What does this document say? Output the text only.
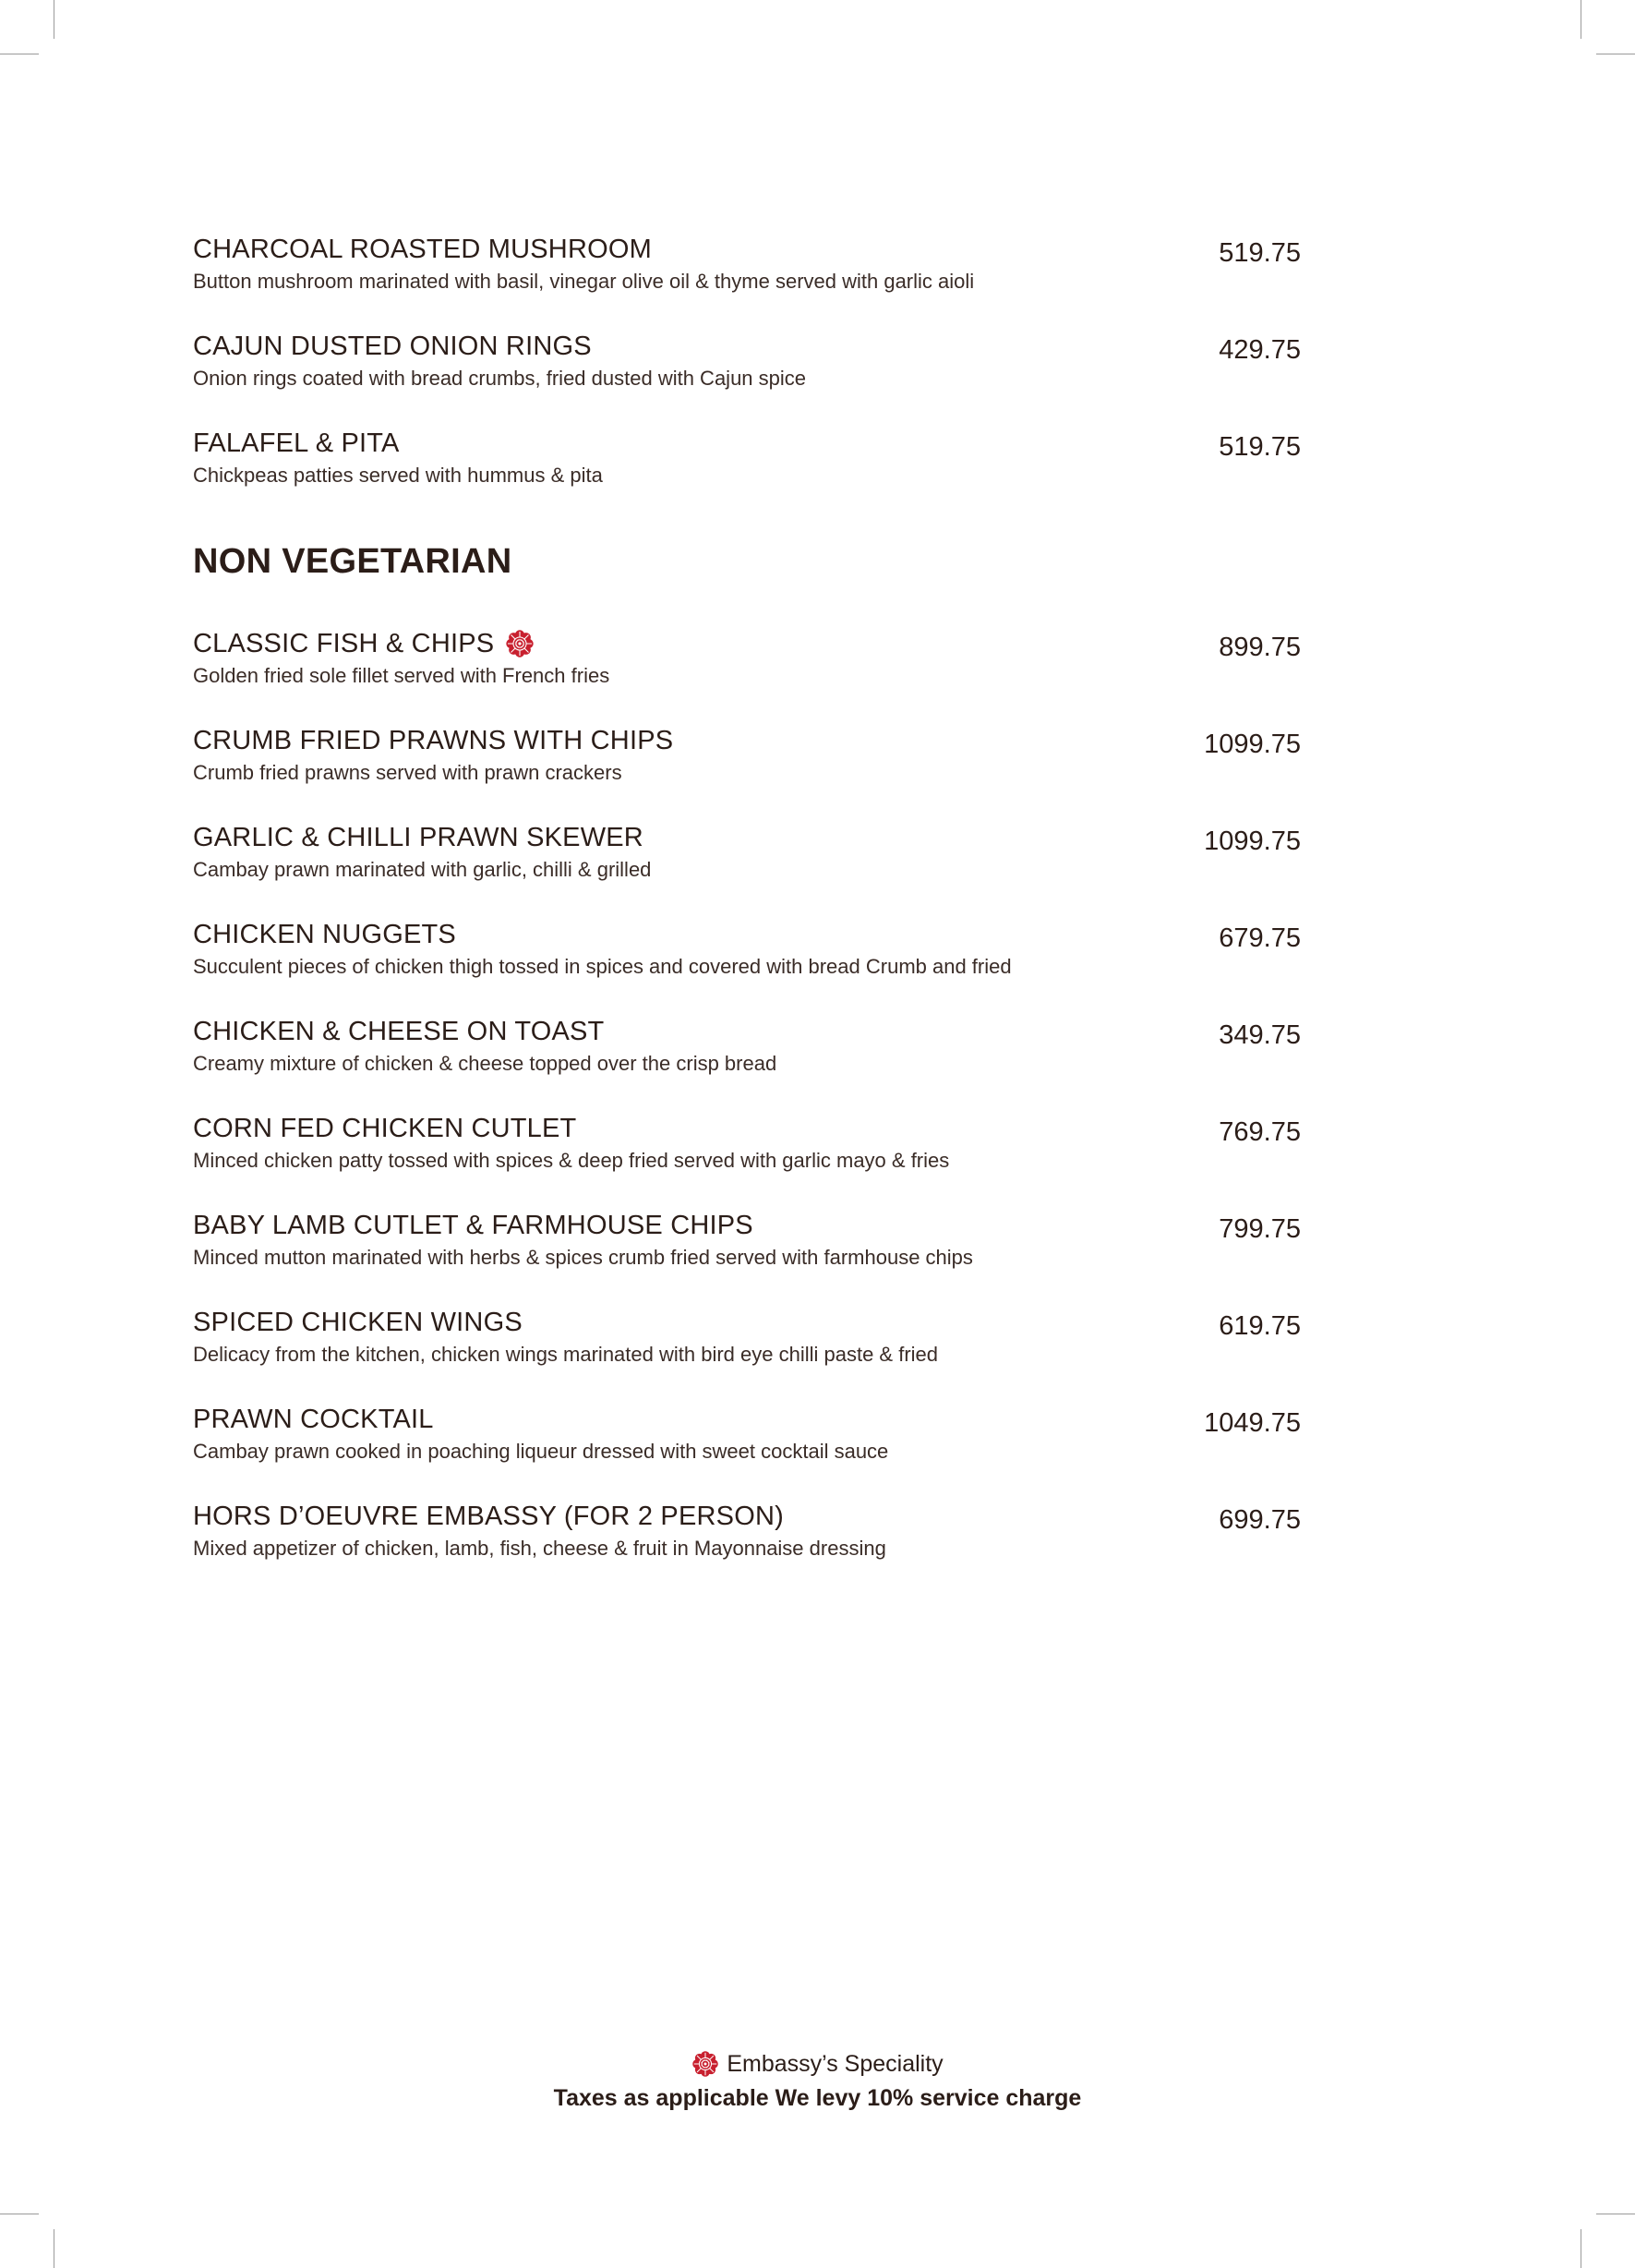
CHARCOAL ROASTED MUSHROOM
Button mushroom marinated with basil, vinegar olive oil & thyme served with garlic aioli
519.75
CAJUN DUSTED ONION RINGS
Onion rings coated with bread crumbs, fried dusted with Cajun spice
429.75
FALAFEL & PITA
Chickpeas patties served with hummus & pita
519.75
NON VEGETARIAN
CLASSIC FISH & CHIPS
Golden fried sole fillet served with French fries
899.75
CRUMB FRIED PRAWNS WITH CHIPS
Crumb fried prawns served with prawn crackers
1099.75
GARLIC & CHILLI PRAWN SKEWER
Cambay prawn marinated with garlic, chilli & grilled
1099.75
CHICKEN NUGGETS
Succulent pieces of chicken thigh tossed in spices and covered with bread Crumb and fried
679.75
CHICKEN & CHEESE ON TOAST
Creamy mixture of chicken & cheese topped over the crisp bread
349.75
CORN FED CHICKEN CUTLET
Minced chicken patty tossed with spices & deep fried served with garlic mayo & fries
769.75
BABY LAMB CUTLET & FARMHOUSE CHIPS
Minced mutton marinated with herbs & spices crumb fried served with farmhouse chips
799.75
SPICED CHICKEN WINGS
Delicacy from the kitchen, chicken wings marinated with bird eye chilli paste & fried
619.75
PRAWN COCKTAIL
Cambay prawn cooked in poaching liqueur dressed with sweet cocktail sauce
1049.75
HORS D’OEUVRE EMBASSY (FOR 2 PERSON)
Mixed appetizer of chicken, lamb, fish, cheese & fruit in Mayonnaise dressing
699.75
Embassy’s Speciality
Taxes as applicable We levy 10% service charge
